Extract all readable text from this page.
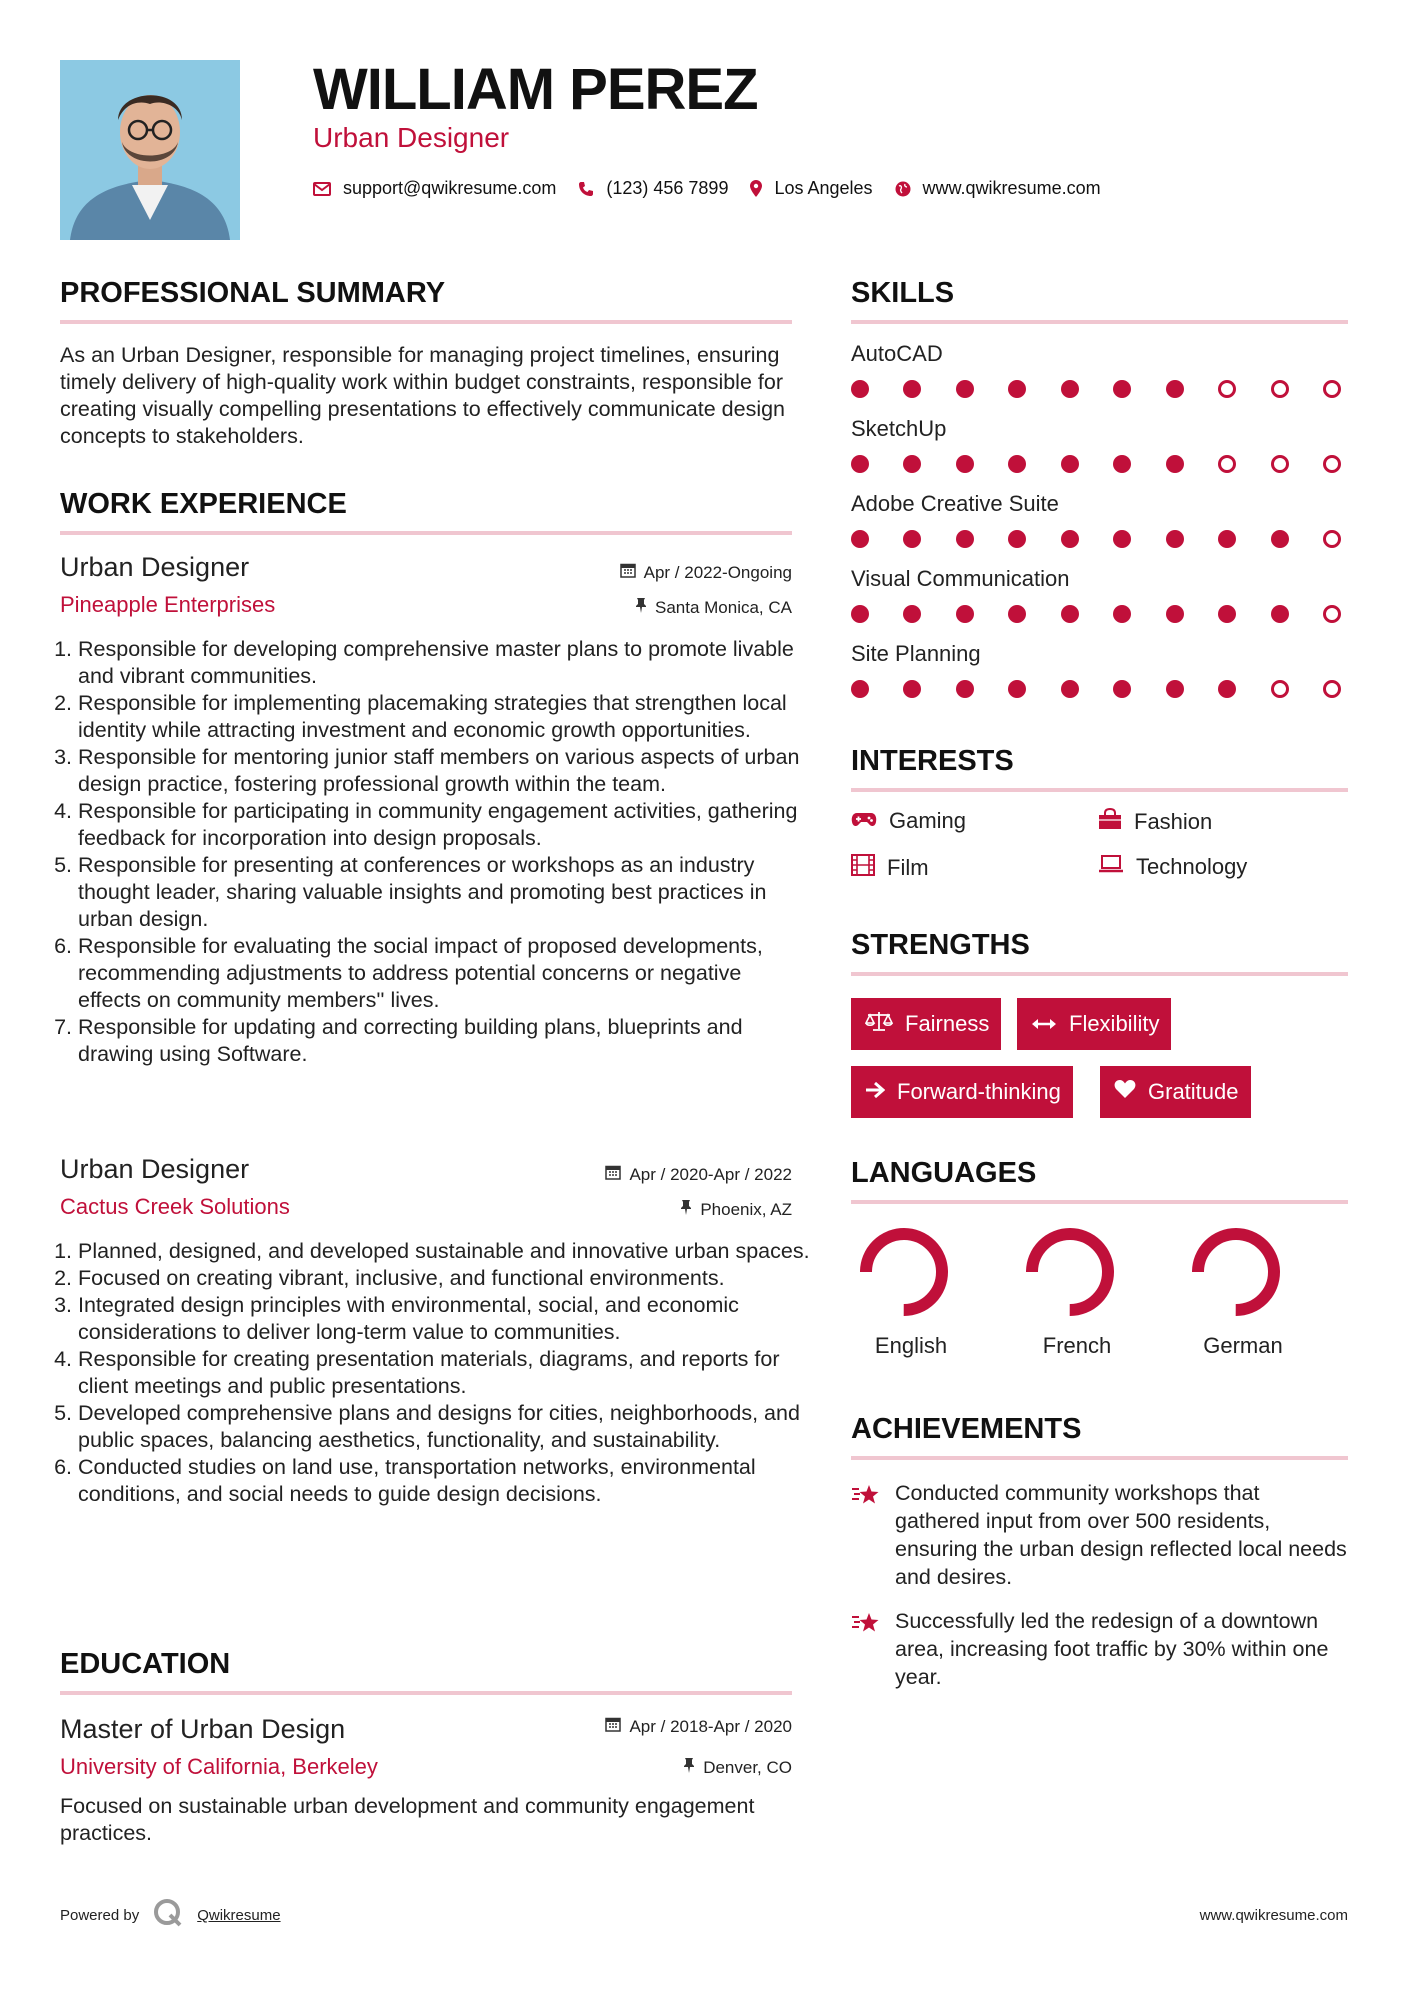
WILLIAM PEREZ
Urban Designer
support@qwikresume.com	(123) 456 7899	Los Angeles	www.qwikresume.com
PROFESSIONAL SUMMARY
As an Urban Designer, responsible for managing project timelines, ensuring timely delivery of high-quality work within budget constraints, responsible for creating visually compelling presentations to effectively communicate design concepts to stakeholders.
WORK EXPERIENCE
Urban Designer	Apr / 2022-Ongoing
Pineapple Enterprises	Santa Monica, CA
1. Responsible for developing comprehensive master plans to promote livable and vibrant communities.
2. Responsible for implementing placemaking strategies that strengthen local identity while attracting investment and economic growth opportunities.
3. Responsible for mentoring junior staff members on various aspects of urban design practice, fostering professional growth within the team.
4. Responsible for participating in community engagement activities, gathering feedback for incorporation into design proposals.
5. Responsible for presenting at conferences or workshops as an industry thought leader, sharing valuable insights and promoting best practices in urban design.
6. Responsible for evaluating the social impact of proposed developments, recommending adjustments to address potential concerns or negative effects on community members'' lives.
7. Responsible for updating and correcting building plans, blueprints and drawing using Software.
Urban Designer	Apr / 2020-Apr / 2022
Cactus Creek Solutions	Phoenix, AZ
1. Planned, designed, and developed sustainable and innovative urban spaces.
2. Focused on creating vibrant, inclusive, and functional environments.
3. Integrated design principles with environmental, social, and economic considerations to deliver long-term value to communities.
4. Responsible for creating presentation materials, diagrams, and reports for client meetings and public presentations.
5. Developed comprehensive plans and designs for cities, neighborhoods, and public spaces, balancing aesthetics, functionality, and sustainability.
6. Conducted studies on land use, transportation networks, environmental conditions, and social needs to guide design decisions.
EDUCATION
Master of Urban Design	Apr / 2018-Apr / 2020
University of California, Berkeley	Denver, CO
Focused on sustainable urban development and community engagement practices.
SKILLS
AutoCAD
SketchUp
Adobe Creative Suite
Visual Communication
Site Planning
INTERESTS
Gaming	Fashion
Film	Technology
STRENGTHS
Fairness	Flexibility
Forward-thinking	Gratitude
LANGUAGES
English	French	German
ACHIEVEMENTS
Conducted community workshops that gathered input from over 500 residents, ensuring the urban design reflected local needs and desires.
Successfully led the redesign of a downtown area, increasing foot traffic by 30% within one year.
Powered by	Qwikresume	www.qwikresume.com
